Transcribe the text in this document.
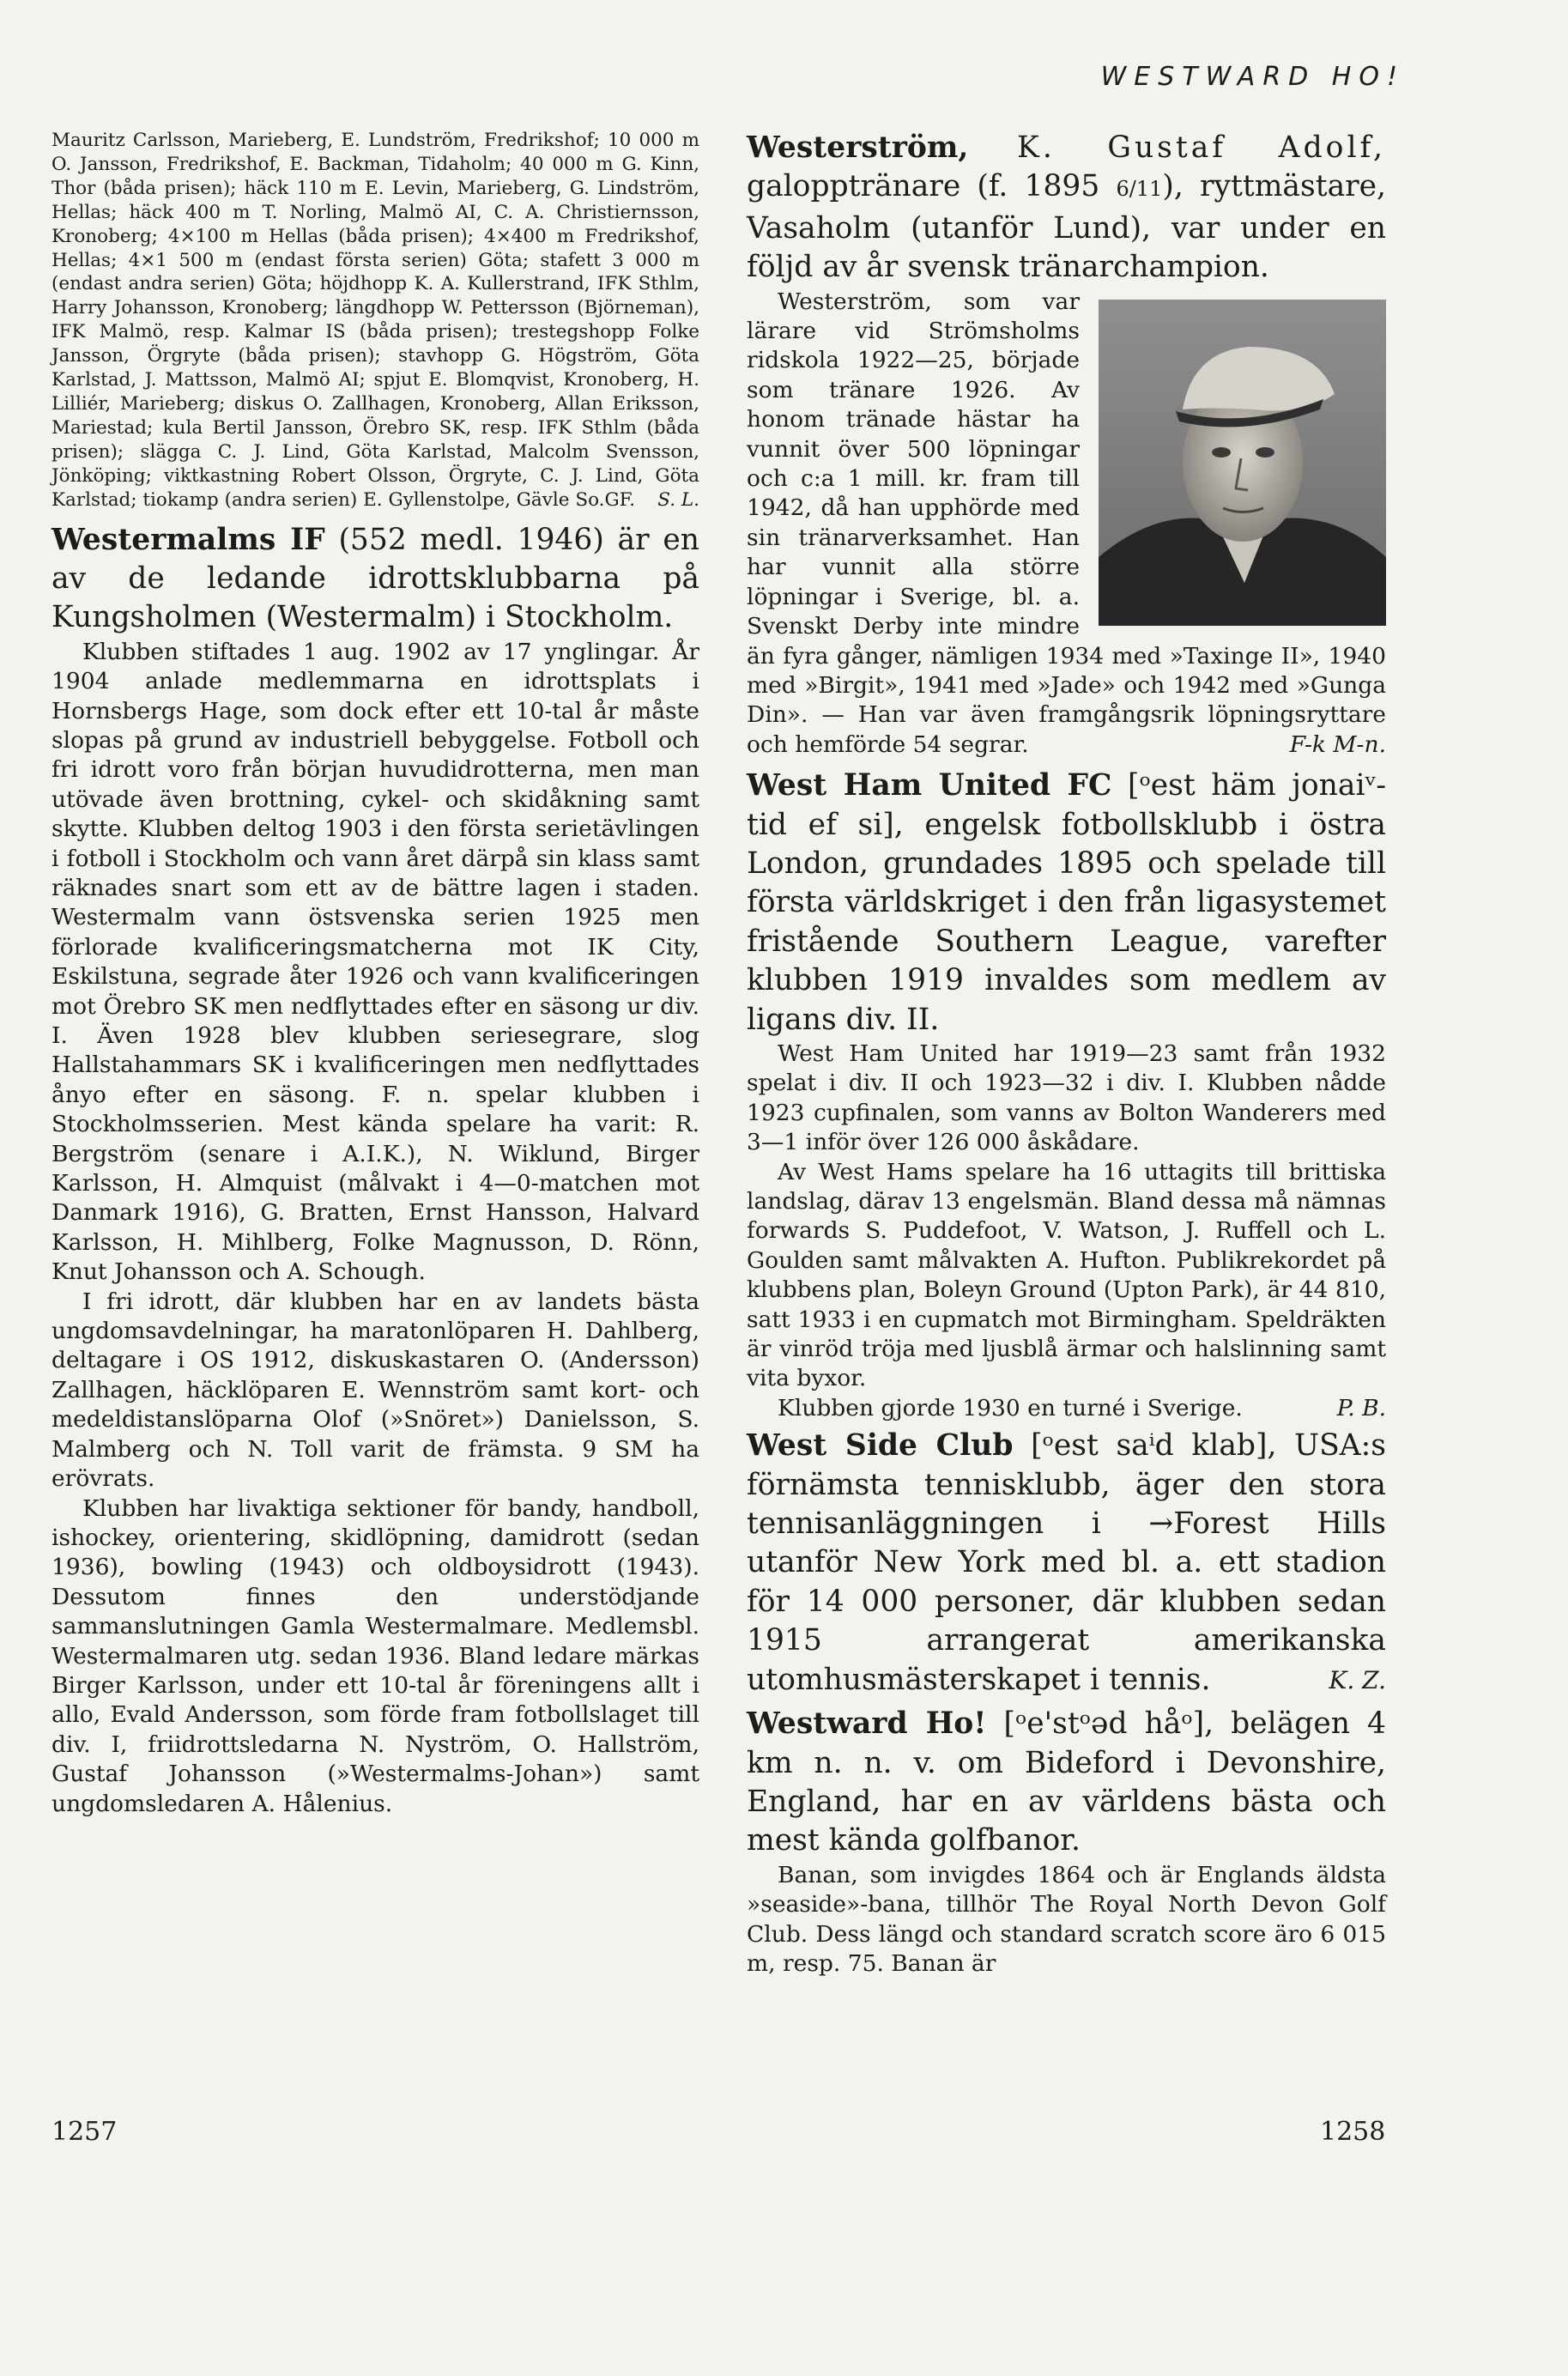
WESTWARD HO!

Mauritz Carlsson, Marieberg, E. Lundström, Fredrikshof; 10 000 m O. Jansson, Fredrikshof, E. Backman, Tidaholm; 40 000 m G. Kinn, Thor (båda prisen); häck 110 m E. Levin, Marieberg, G. Lindström, Hellas; häck 400 m T. Norling, Malmö AI, C. A. Christiernsson, Kronoberg; 4×100 m Hellas (båda prisen); 4×400 m Fredrikshof, Hellas; 4×1 500 m (endast första serien) Göta; stafett 3 000 m (endast andra serien) Göta; höjdhopp K. A. Kullerstrand, IFK Sthlm, Harry Johansson, Kronoberg; längdhopp W. Pettersson (Björneman), IFK Malmö, resp. Kalmar IS (båda prisen); trestegshopp Folke Jansson, Örgryte (båda prisen); stavhopp G. Högström, Göta Karlstad, J. Mattsson, Malmö AI; spjut E. Blomqvist, Kronoberg, H. Lilliér, Marieberg; diskus O. Zallhagen, Kronoberg, Allan Eriksson, Mariestad; kula Bertil Jansson, Örebro SK, resp. IFK Sthlm (båda prisen); slägga C. J. Lind, Göta Karlstad, Malcolm Svensson, Jönköping; viktkastning Robert Olsson, Örgryte, C. J. Lind, Göta Karlstad; tiokamp (andra serien) E. Gyllenstolpe, Gävle So.GF. S. L.

Westermalms IF (552 medl. 1946) är en av de ledande idrottsklubbarna på Kungsholmen (Westermalm) i Stockholm.

Klubben stiftades 1 aug. 1902 av 17 ynglingar. År 1904 anlade medlemmarna en idrottsplats i Hornsbergs Hage, som dock efter ett 10-tal år måste slopas på grund av industriell bebyggelse. Fotboll och fri idrott voro från början huvudidrotterna, men man utövade även brottning, cykel- och skidåkning samt skytte. Klubben deltog 1903 i den första serietävlingen i fotboll i Stockholm och vann året därpå sin klass samt räknades snart som ett av de bättre lagen i staden. Westermalm vann östsvenska serien 1925 men förlorade kvalificeringsmatcherna mot IK City, Eskilstuna, segrade åter 1926 och vann kvalificeringen mot Örebro SK men nedflyttades efter en säsong ur div. I. Även 1928 blev klubben seriesegrare, slog Hallstahammars SK i kvalificeringen men nedflyttades ånyo efter en säsong. F. n. spelar klubben i Stockholmsserien. Mest kända spelare ha varit: R. Bergström (senare i A.I.K.), N. Wiklund, Birger Karlsson, H. Almquist (målvakt i 4—0-matchen mot Danmark 1916), G. Bratten, Ernst Hansson, Halvard Karlsson, H. Mihlberg, Folke Magnusson, D. Rönn, Knut Johansson och A. Schough.

I fri idrott, där klubben har en av landets bästa ungdomsavdelningar, ha maratonlöparen H. Dahlberg, deltagare i OS 1912, diskuskastaren O. (Andersson) Zallhagen, häcklöparen E. Wennström samt kort- och medeldistanslöparna Olof (»Snöret») Danielsson, S. Malmberg och N. Toll varit de främsta. 9 SM ha erövrats.

Klubben har livaktiga sektioner för bandy, handboll, ishockey, orientering, skidlöpning, damidrott (sedan 1936), bowling (1943) och oldboysidrott (1943). Dessutom finnes den understödjande sammanslutningen Gamla Westermalmare. Medlemsbl. Westermalmaren utg. sedan 1936. Bland ledare märkas Birger Karlsson, under ett 10-tal år föreningens allt i allo, Evald Andersson, som förde fram fotbollslaget till div. I, friidrottsledarna N. Nyström, O. Hallström, Gustaf Johansson (»Westermalms-Johan») samt ungdomsledaren A. Hålenius.

Westerström, K. Gustaf Adolf, galopptränare (f. 1895 6/11), ryttmästare, Vasaholm (utanför Lund), var under en följd av år svensk tränarchampion.

Westerström, som var lärare vid Strömsholms ridskola 1922—25, började som tränare 1926. Av honom tränade hästar ha vunnit över 500 löpningar och c:a 1 mill. kr. fram till 1942, då han upphörde med sin tränarverksamhet. Han har vunnit alla större löpningar i Sverige, bl. a. Svenskt Derby inte mindre än fyra gånger, nämligen 1934 med »Taxinge II», 1940 med »Birgit», 1941 med »Jade» och 1942 med »Gunga Din». — Han var även framgångsrik löpningsryttare och hemförde 54 segrar.	F-k M-n.

West Ham United FC [ᵒest häm jonaiᵛ-tid ef si], engelsk fotbollsklubb i östra London, grundades 1895 och spelade till första världskriget i den från ligasystemet fristående Southern League, varefter klubben 1919 invaldes som medlem av ligans div. II.

West Ham United har 1919—23 samt från 1932 spelat i div. II och 1923—32 i div. I. Klubben nådde 1923 cupfinalen, som vanns av Bolton Wanderers med 3—1 inför över 126 000 åskådare.

Av West Hams spelare ha 16 uttagits till brittiska landslag, därav 13 engelsmän. Bland dessa må nämnas forwards S. Puddefoot, V. Watson, J. Ruffell och L. Goulden samt målvakten A. Hufton. Publikrekordet på klubbens plan, Boleyn Ground (Upton Park), är 44 810, satt 1933 i en cupmatch mot Birmingham. Speldräkten är vinröd tröja med ljusblå ärmar och halslinning samt vita byxor.

Klubben gjorde 1930 en turné i Sverige.	P. B.

West Side Club [ᵒest saⁱd klab], USA:s förnämsta tennisklubb, äger den stora tennisanläggningen i →Forest Hills utanför New York med bl. a. ett stadion för 14 000 personer, där klubben sedan 1915 arrangerat amerikanska utomhusmästerskapet i tennis.	K. Z.

Westward Ho! [ᵒe'stᵒəd håᵒ], belägen 4 km n. n. v. om Bideford i Devonshire, England, har en av världens bästa och mest kända golfbanor.

Banan, som invigdes 1864 och är Englands äldsta »seaside»-bana, tillhör The Royal North Devon Golf Club. Dess längd och standard scratch score äro 6 015 m, resp. 75. Banan är

1257	1258
